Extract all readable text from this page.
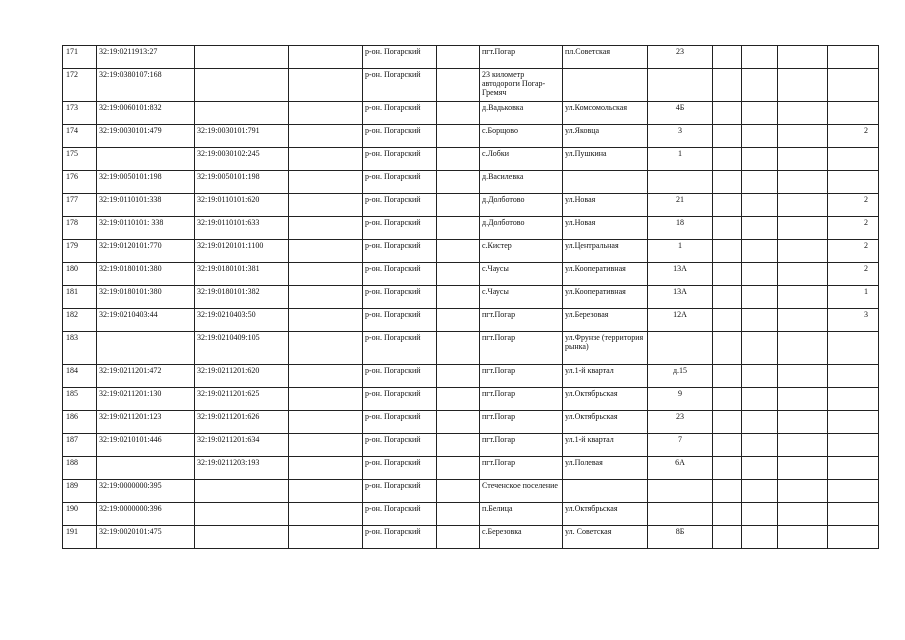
171	32:19:0211913:27			р-он. Погарский		пгт.Погар	пл.Советская	23				
172	32:19:0380107:168			р-он. Погарский		23 километр автодороги Погар-Гремяч						
173	32:19:0060101:832			р-он. Погарский		д.Вадьковка	ул.Комсомольская	4Б				
174	32:19:0030101:479	32:19:0030101:791		р-он. Погарский		с.Борщово	ул.Яковца	3				2
175		32:19:0030102:245		р-он. Погарский		с.Лобки	ул.Пушкина	1				
176	32:19:0050101:198	32:19:0050101:198		р-он. Погарский		д.Василевка						
177	32:19:0110101:338	32:19:0110101:620		р-он. Погарский		д.Долботово	ул.Новая	21				2
178	32:19:0110101: 338	32:19:0110101:633		р-он. Погарский		д.Долботово	ул.Новая	18				2
179	32:19:0120101:770	32:19:0120101:1100		р-он. Погарский		с.Кистер	ул.Центральная	1				2
180	32:19:0180101:380	32:19:0180101:381		р-он. Погарский		с.Чаусы	ул.Кооперативная	13А				2
181	32:19:0180101:380	32:19:0180101:382		р-он. Погарский		с.Чаусы	ул.Кооперативная	13А				1
182	32:19:0210403:44	32:19:0210403:50		р-он. Погарский		пгт.Погар	ул.Березовая	12А				3
183		32:19:0210409:105		р-он. Погарский		пгт.Погар	ул.Фрунзе (территория рынка)					
184	32:19:0211201:472	32:19:0211201:620		р-он. Погарский		пгт.Погар	ул.1-й квартал	д.15				
185	32:19:0211201:130	32:19:0211201:625		р-он. Погарский		пгт.Погар	ул.Октябрьская	9				
186	32:19:0211201:123	32:19:0211201:626		р-он. Погарский		пгт.Погар	ул.Октябрьская	23				
187	32:19:0210101:446	32:19:0211201:634		р-он. Погарский		пгт.Погар	ул.1-й квартал	7				
188		32:19:0211203:193		р-он. Погарский		пгт.Погар	ул.Полевая	6А				
189	32:19:0000000:395			р-он. Погарский		Стеченское поселение						
190	32:19:0000000:396			р-он. Погарский		п.Белица	ул.Октябрьская					
191	32:19:0020101:475			р-он. Погарский		с.Березовка	ул. Советская	8Б				
